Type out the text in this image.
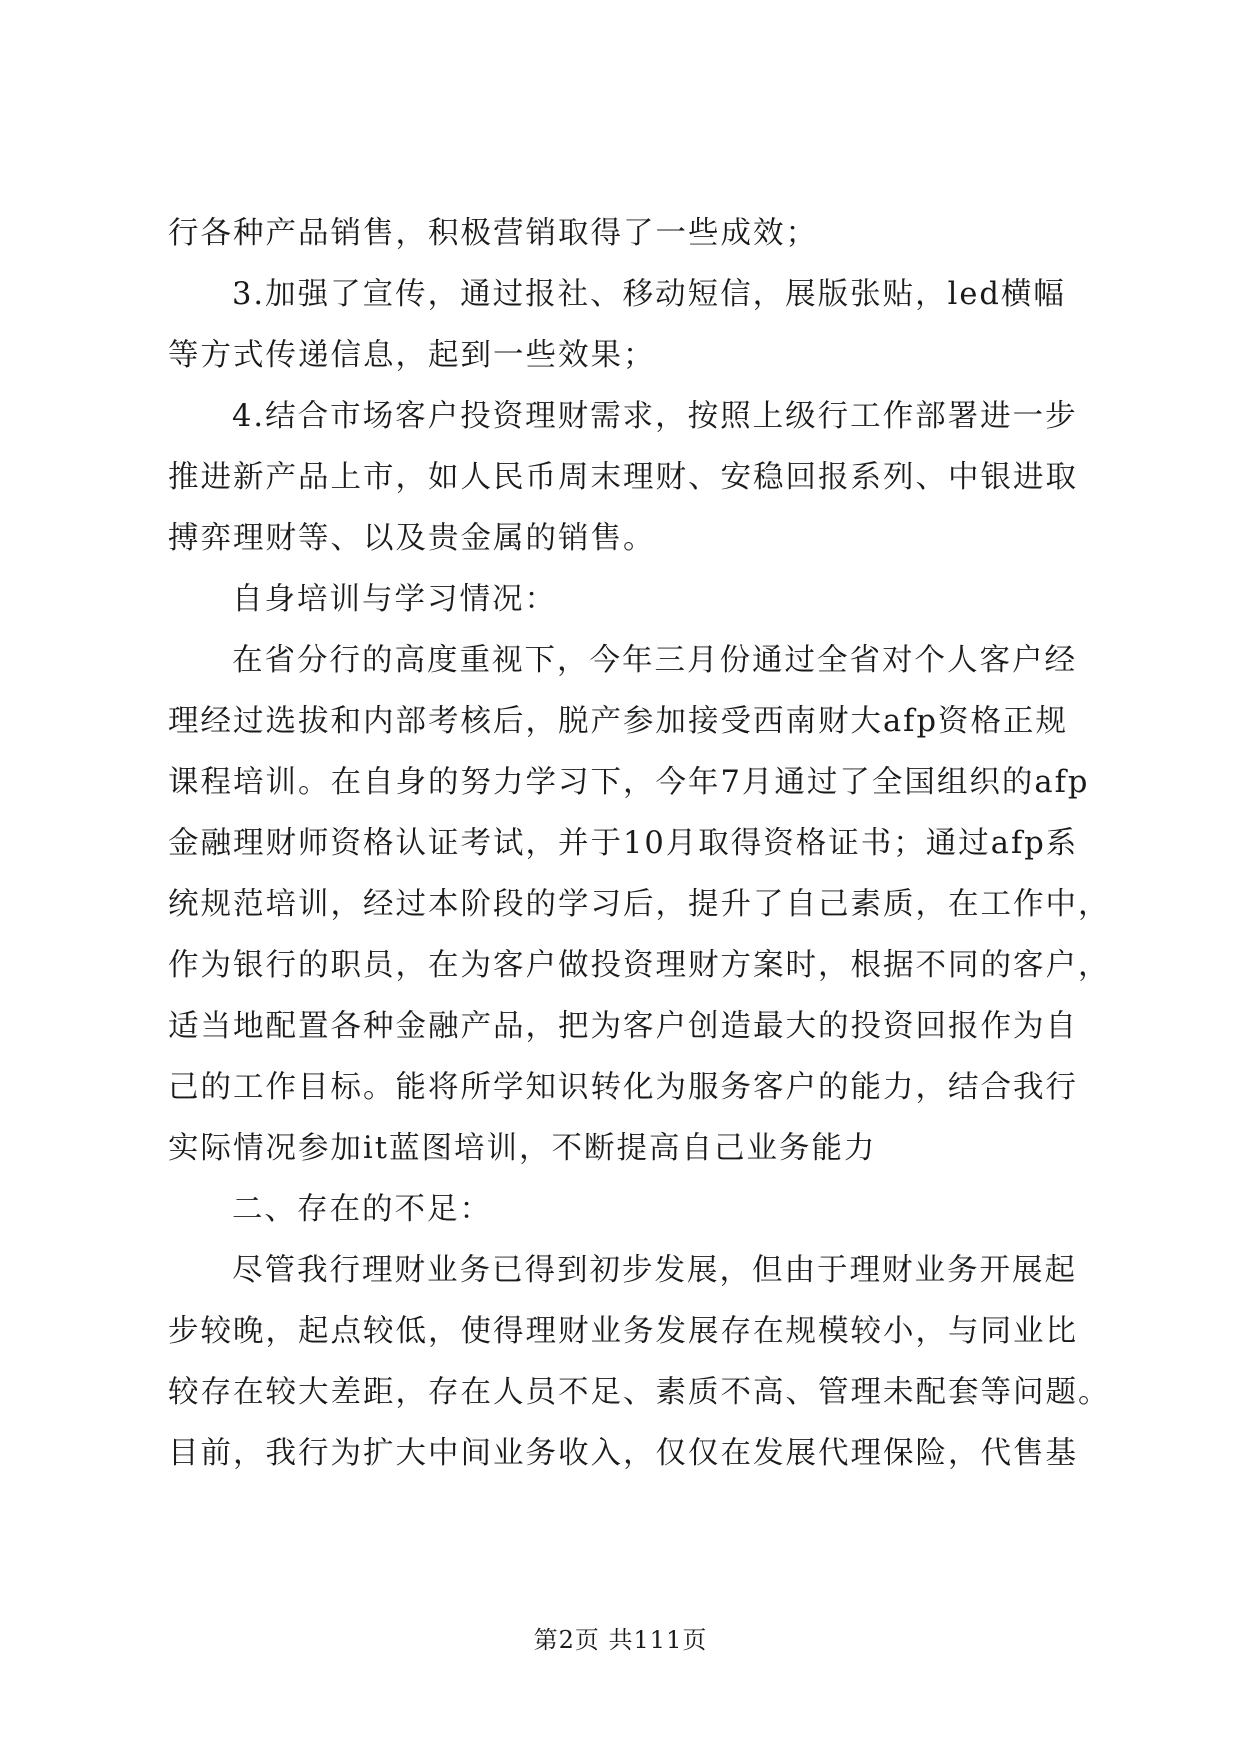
行各种产品销售，积极营销取得了一些成效；
3.加强了宣传，通过报社、移动短信，展版张贴，led横幅
等方式传递信息，起到一些效果；
4.结合市场客户投资理财需求，按照上级行工作部署进一步
推进新产品上市，如人民币周末理财、安稳回报系列、中银进取
搏弈理财等、以及贵金属的销售。
自身培训与学习情况：
在省分行的高度重视下，今年三月份通过全省对个人客户经
理经过选拔和内部考核后，脱产参加接受西南财大afp资格正规
课程培训。在自身的努力学习下，今年7月通过了全国组织的afp
金融理财师资格认证考试，并于10月取得资格证书；通过afp系
统规范培训，经过本阶段的学习后，提升了自己素质，在工作中，
作为银行的职员，在为客户做投资理财方案时，根据不同的客户，
适当地配置各种金融产品，把为客户创造最大的投资回报作为自
己的工作目标。能将所学知识转化为服务客户的能力，结合我行
实际情况参加it蓝图培训，不断提高自己业务能力
二、存在的不足：
尽管我行理财业务已得到初步发展，但由于理财业务开展起
步较晚，起点较低，使得理财业务发展存在规模较小，与同业比
较存在较大差距，存在人员不足、素质不高、管理未配套等问题。
目前，我行为扩大中间业务收入，仅仅在发展代理保险，代售基
第2页 共111页
